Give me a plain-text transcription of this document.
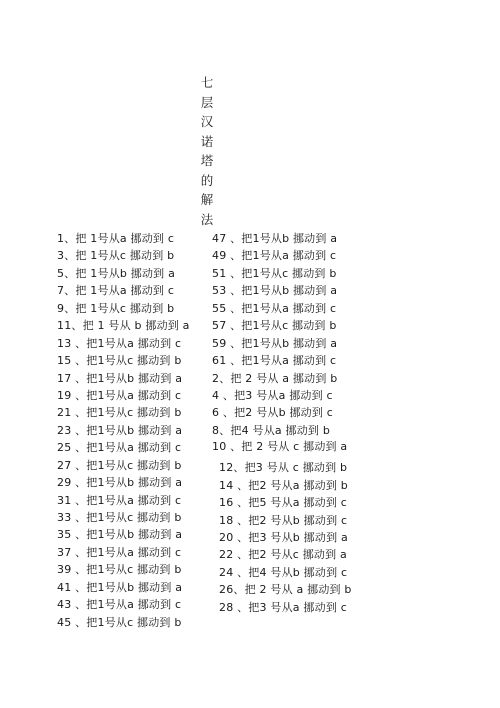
七层汉诺塔的解法
1、把 1号从a 挪动到 c
3、把 1号从c 挪动到 b
5、把 1号从b 挪动到 a
7、把 1号从a 挪动到 c
9、把 1号从c 挪动到 b
11、把 1 号从 b 挪动到 a
13 、把1号从a 挪动到 c
15 、把1号从c 挪动到 b
17 、把1号从b 挪动到 a
19 、把1号从a 挪动到 c
21 、把1号从c 挪动到 b
23 、把1号从b 挪动到 a
25 、把1号从a 挪动到 c
27 、把1号从c 挪动到 b
29 、把1号从b 挪动到 a
31 、把1号从a 挪动到 c
33 、把1号从c 挪动到 b
35 、把1号从b 挪动到 a
37 、把1号从a 挪动到 c
39 、把1号从c 挪动到 b
41 、把1号从b 挪动到 a
43 、把1号从a 挪动到 c
45 、把1号从c 挪动到 b
47 、把1号从b 挪动到 a
49 、把1号从a 挪动到 c
51 、把1号从c 挪动到 b
53 、把1号从b 挪动到 a
55 、把1号从a 挪动到 c
57 、把1号从c 挪动到 b
59 、把1号从b 挪动到 a
61 、把1号从a 挪动到 c
2、把 2 号从 a 挪动到 b
4 、把3 号从a 挪动到 c
6 、把2 号从b 挪动到 c
8、把4 号从a 挪动到 b
10 、把 2 号从 c 挪动到 a
12、把3 号从 c 挪动到 b
14 、把2 号从a 挪动到 b
16 、把5 号从a 挪动到 c
18 、把2 号从b 挪动到 c
20 、把3 号从b 挪动到 a
22 、把2 号从c 挪动到 a
24 、把4 号从b 挪动到 c
26、把 2 号从 a 挪动到 b
28 、把3 号从a 挪动到 c
